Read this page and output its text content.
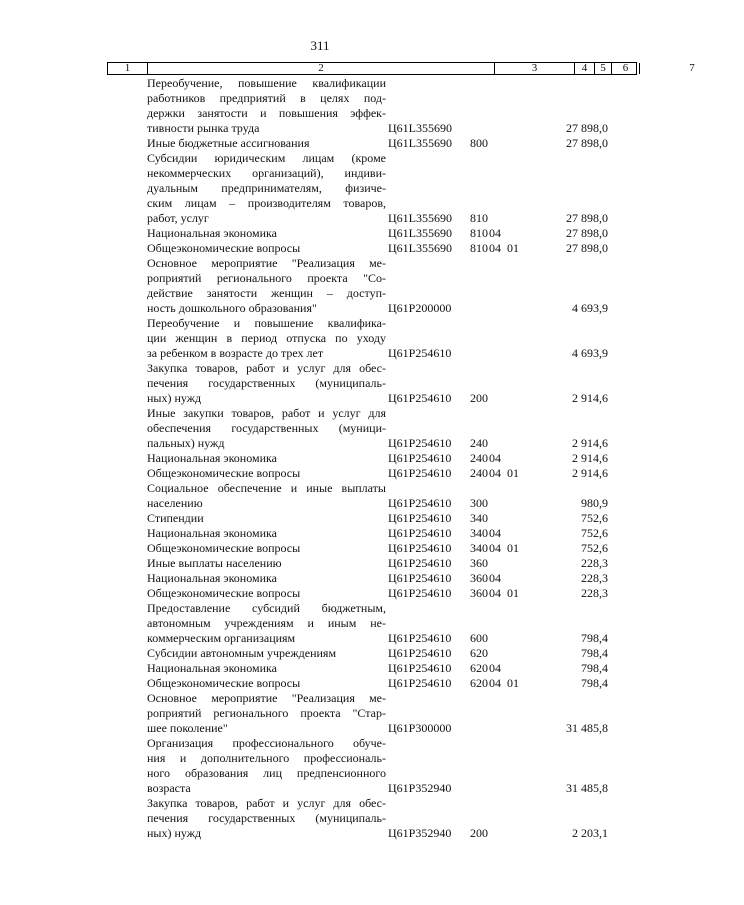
311
1	2	3	4	5	6	7
Переобучение, повышение квалификации
работников предприятий в целях под-
держки занятости и повышения эффек-
тивности рынка труда	Ц61L355690	27 898,0
Иные бюджетные ассигнования	Ц61L355690 800	27 898,0
Субсидии юридическим лицам (кроме
некоммерческих организаций), индиви-
дуальным предпринимателям, физиче-
ским лицам – производителям товаров,
работ, услуг	Ц61L355690 810	27 898,0
Национальная экономика	Ц61L355690 810 04	27 898,0
Общеэкономические вопросы	Ц61L355690 810 04 01	27 898,0
Основное мероприятие "Реализация ме-
роприятий регионального проекта "Со-
действие занятости женщин – доступ-
ность дошкольного образования"	Ц61P200000	4 693,9
Переобучение и повышение квалифика-
ции женщин в период отпуска по уходу
за ребенком в возрасте до трех лет	Ц61P254610	4 693,9
Закупка товаров, работ и услуг для обес-
печения государственных (муниципаль-
ных) нужд	Ц61P254610 200	2 914,6
Иные закупки товаров, работ и услуг для
обеспечения государственных (муници-
пальных) нужд	Ц61P254610 240	2 914,6
Национальная экономика	Ц61P254610 240 04	2 914,6
Общеэкономические вопросы	Ц61P254610 240 04 01	2 914,6
Социальное обеспечение и иные выплаты
населению	Ц61P254610 300	980,9
Стипендии	Ц61P254610 340	752,6
Национальная экономика	Ц61P254610 340 04	752,6
Общеэкономические вопросы	Ц61P254610 340 04 01	752,6
Иные выплаты населению	Ц61P254610 360	228,3
Национальная экономика	Ц61P254610 360 04	228,3
Общеэкономические вопросы	Ц61P254610 360 04 01	228,3
Предоставление субсидий бюджетным,
автономным учреждениям и иным не-
коммерческим организациям	Ц61P254610 600	798,4
Субсидии автономным учреждениям	Ц61P254610 620	798,4
Национальная экономика	Ц61P254610 620 04	798,4
Общеэкономические вопросы	Ц61P254610 620 04 01	798,4
Основное мероприятие "Реализация ме-
роприятий регионального проекта "Стар-
шее поколение"	Ц61P300000	31 485,8
Организация профессионального обуче-
ния и дополнительного профессиональ-
ного образования лиц предпенсионного
возраста	Ц61P352940	31 485,8
Закупка товаров, работ и услуг для обес-
печения государственных (муниципаль-
ных) нужд	Ц61P352940 200	2 203,1
